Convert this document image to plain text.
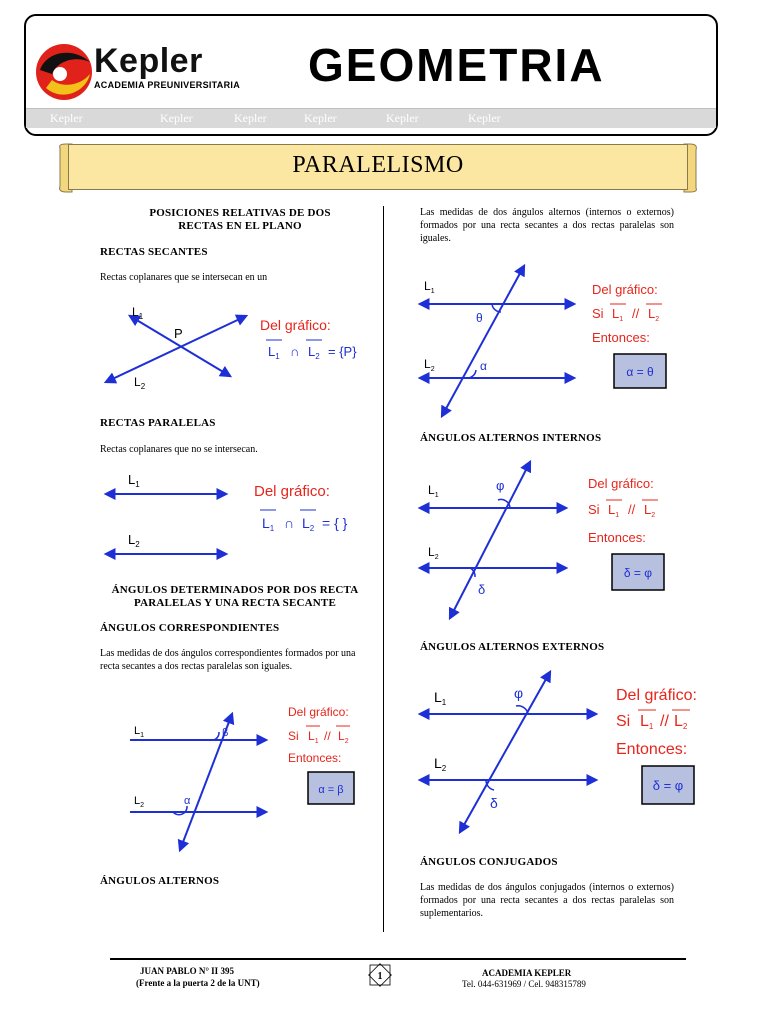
Kepler
ACADEMIA PREUNIVERSITARIA GEOMETRIA
Kepler	Kepler	Kepler	Kepler	Kepler	Kepler
PARALELISMO
POSICIONES RELATIVAS DE DOS RECTAS EN EL PLANO
RECTAS SECANTES
Rectas coplanares que se intersecan en un
$L_1$
$L_2$
P
Del gráfico:
$L_1$ ∩ $L_2 = \{P\}$
RECTAS PARALELAS
Rectas coplanares que no se intersecan.
$L_1$
$L_2$
Del gráfico:
$L_1$ ∩ $L_2$ = { }
ÁNGULOS DETERMINADOS POR DOS RECTA PARALELAS Y UNA RECTA SECANTE
ÁNGULOS CORRESPONDIENTES
Las medidas de dos ángulos correspondientes formados por una recta secantes a dos rectas paralelas son iguales.
$L_1$
$L_2$
β
α
Del gráfico:
Si $L_1 // L_2$
Entonces:
α = β
ÁNGULOS ALTERNOS
Las medidas de dos ángulos alternos (internos o externos) formados por una recta secantes a dos rectas paralelas son iguales.
$L_1$
$L_2$
θ
α
Del gráfico:
Si $L_1 // L_2$
Entonces:
α = θ
ÁNGULOS ALTERNOS INTERNOS
$L_1$
$L_2$
φ
δ
Del gráfico:
Si $L_1 // L_2$
Entonces:
δ = φ
ÁNGULOS ALTERNOS EXTERNOS
$L_1$
$L_2$
φ
δ
Del gráfico:
Si L1 // L2
Entonces:
δ = φ
ÁNGULOS CONJUGADOS
Las medidas de dos ángulos conjugados (internos o externos) formados por una recta secantes a dos rectas paralelas son suplementarios.
JUAN PABLO N° II 395
(Frente a la puerta 2 de la UNT)
1	ACADEMIA KEPLER
Tel. 044-631969 / Cel. 948315789
